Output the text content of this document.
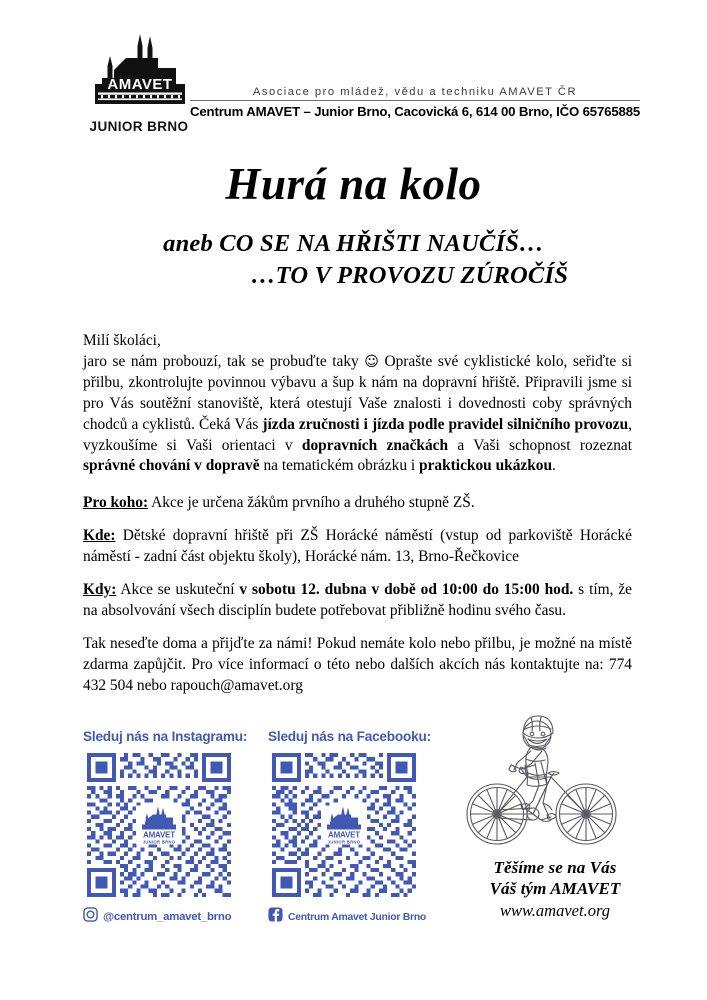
AMAVET
JUNIOR BRNO
Asociace pro mládež, vědu a techniku AMAVET ČR
Centrum AMAVET – Junior Brno, Cacovická 6, 614 00 Brno, IČO 65765885
Hurá na kolo
aneb CO SE NA HŘIŠTI NAUČÍŠ…
…TO V PROVOZU ZÚROČÍŠ

Milí školáci,
jaro se nám probouzí, tak se probuďte taky ☺ Oprašte své cyklistické kolo, seřiďte si přilbu, zkontrolujte povinnou výbavu a šup k nám na dopravní hřiště. Připravili jsme si pro Vás soutěžní stanoviště, která otestují Vaše znalosti i dovednosti coby správných chodců a cyklistů. Čeká Vás jízda zručnosti i jízda podle pravidel silničního provozu, vyzkoušíme si Vaši orientaci v dopravních značkách a Vaši schopnost rozeznat správné chování v dopravě na tematickém obrázku i praktickou ukázkou.

Pro koho: Akce je určena žákům prvního a druhého stupně ZŠ.

Kde: Dětské dopravní hřiště při ZŠ Horácké náměstí (vstup od parkoviště Horácké náměstí - zadní část objektu školy), Horácké nám. 13, Brno-Řečkovice

Kdy: Akce se uskuteční v sobotu 12. dubna v době od 10:00 do 15:00 hod. s tím, že na absolvování všech disciplín budete potřebovat přibližně hodinu svého času.

Tak neseďte doma a přijďte za námi! Pokud nemáte kolo nebo přilbu, je možné na místě zdarma zapůjčit. Pro více informací o této nebo dalších akcích nás kontaktujte na: 774 432 504 nebo rapouch@amavet.org

Sleduj nás na Instagramu:
AMAVET
JUNIOR BRNO
@centrum_amavet_brno
Sleduj nás na Facebooku:
AMAVET
JUNIOR BRNO
Centrum Amavet Junior Brno
Těšíme se na Vás
Váš tým AMAVET
www.amavet.org
